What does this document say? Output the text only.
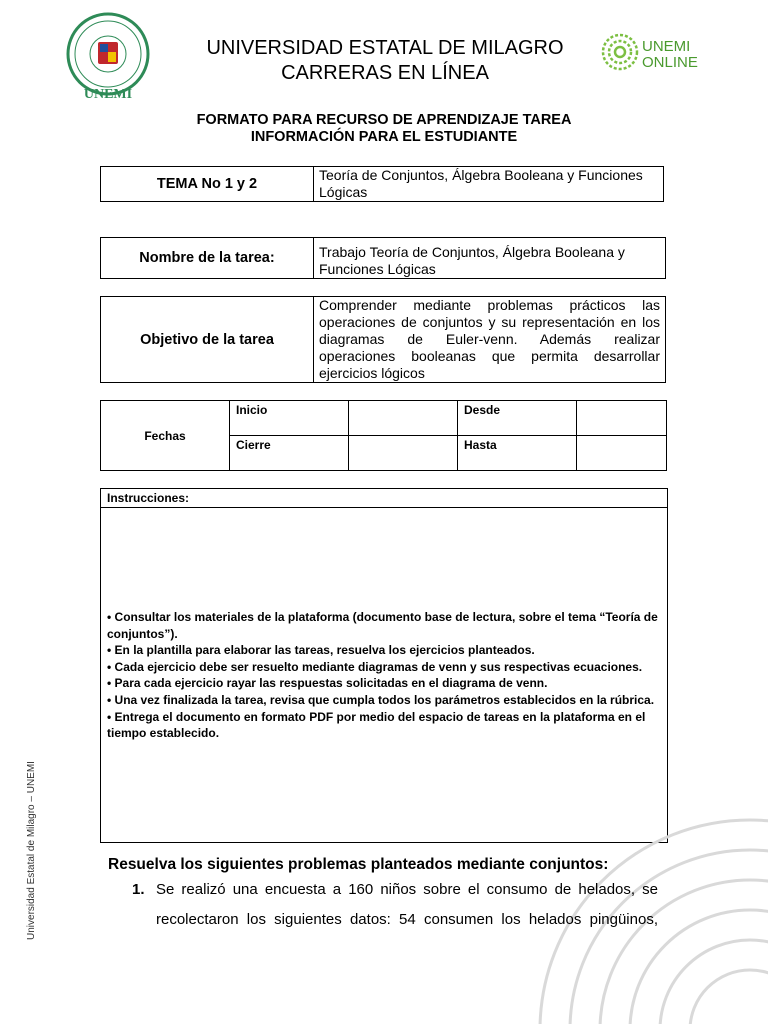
UNEMI
UNIVERSIDAD ESTATAL DE MILAGRO
CARRERAS EN LÍNEA
UNEMI
ONLINE
FORMATO PARA RECURSO DE APRENDIZAJE TAREA
INFORMACIÓN PARA EL ESTUDIANTE
TEMA No 1 y 2	Teoría de Conjuntos, Álgebra Booleana y Funciones Lógicas
Nombre de la tarea:	Trabajo Teoría de Conjuntos, Álgebra Booleana y Funciones Lógicas
Objetivo de la tarea	Comprender mediante problemas prácticos las operaciones de conjuntos y su representación en los diagramas de Euler-venn. Además realizar operaciones booleanas que permita desarrollar ejercicios lógicos
Fechas	Inicio		Desde	
	Cierre		Hasta	
Instrucciones:
• Consultar los materiales de la plataforma (documento base de lectura, sobre el tema “Teoría de conjuntos”).
• En la plantilla para elaborar las tareas, resuelva los ejercicios planteados.
• Cada ejercicio debe ser resuelto mediante diagramas de venn y sus respectivas ecuaciones.
• Para cada ejercicio rayar las respuestas solicitadas en el diagrama de venn.
• Una vez finalizada la tarea, revisa que cumpla todos los parámetros establecidos en la rúbrica.
• Entrega el documento en formato PDF por medio del espacio de tareas en la plataforma en el tiempo establecido.
Resuelva los siguientes problemas planteados mediante conjuntos:
1. Se realizó una encuesta a 160 niños sobre el consumo de helados, se
recolectaron los siguientes datos: 54 consumen los helados pingüinos,
Universidad Estatal de Milagro – UNEMI
